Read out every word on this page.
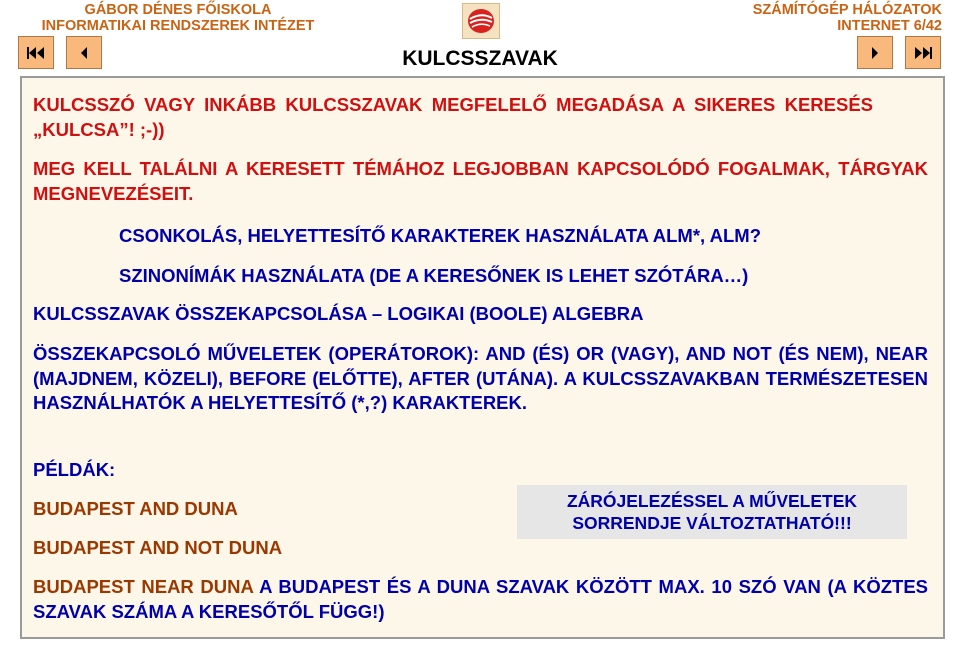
GÁBOR DÉNES FŐISKOLA
INFORMATIKAI RENDSZEREK INTÉZET
SZÁMÍTÓGÉP HÁLÓZATOK
INTERNET 6/42
KULCSSZAVAK

KULCSSZÓ VAGY INKÁBB KULCSSZAVAK MEGFELELŐ MEGADÁSA A SIKERES KERESÉS „KULCSA”! ;-))

MEG KELL TALÁLNI A KERESETT TÉMÁHOZ LEGJOBBAN KAPCSOLÓDÓ FOGALMAK, TÁRGYAK MEGNEVEZÉSEIT.

CSONKOLÁS, HELYETTESÍTŐ KARAKTEREK HASZNÁLATA ALM*, ALM?

SZINONÍMÁK HASZNÁLATA (DE A KERESŐNEK IS LEHET SZÓTÁRA…)

KULCSSZAVAK ÖSSZEKAPCSOLÁSA – LOGIKAI (BOOLE) ALGEBRA

ÖSSZEKAPCSOLÓ MŰVELETEK (OPERÁTOROK): AND (ÉS) OR (VAGY), AND NOT (ÉS NEM), NEAR (MAJDNEM, KÖZELI), BEFORE (ELŐTTE), AFTER (UTÁNA). A KULCSSZAVAKBAN TERMÉSZETESEN HASZNÁLHATÓK A HELYETTESÍTŐ (*,?) KARAKTEREK.

PÉLDÁK:

BUDAPEST AND DUNA

BUDAPEST AND NOT DUNA

ZÁRÓJELEZÉSSEL A MŰVELETEK SORRENDJE VÁLTOZTATHATÓ!!!

BUDAPEST NEAR DUNA A BUDAPEST ÉS A DUNA SZAVAK KÖZÖTT MAX. 10 SZÓ VAN (A KÖZTES SZAVAK SZÁMA A KERESŐTŐL FÜGG!)
